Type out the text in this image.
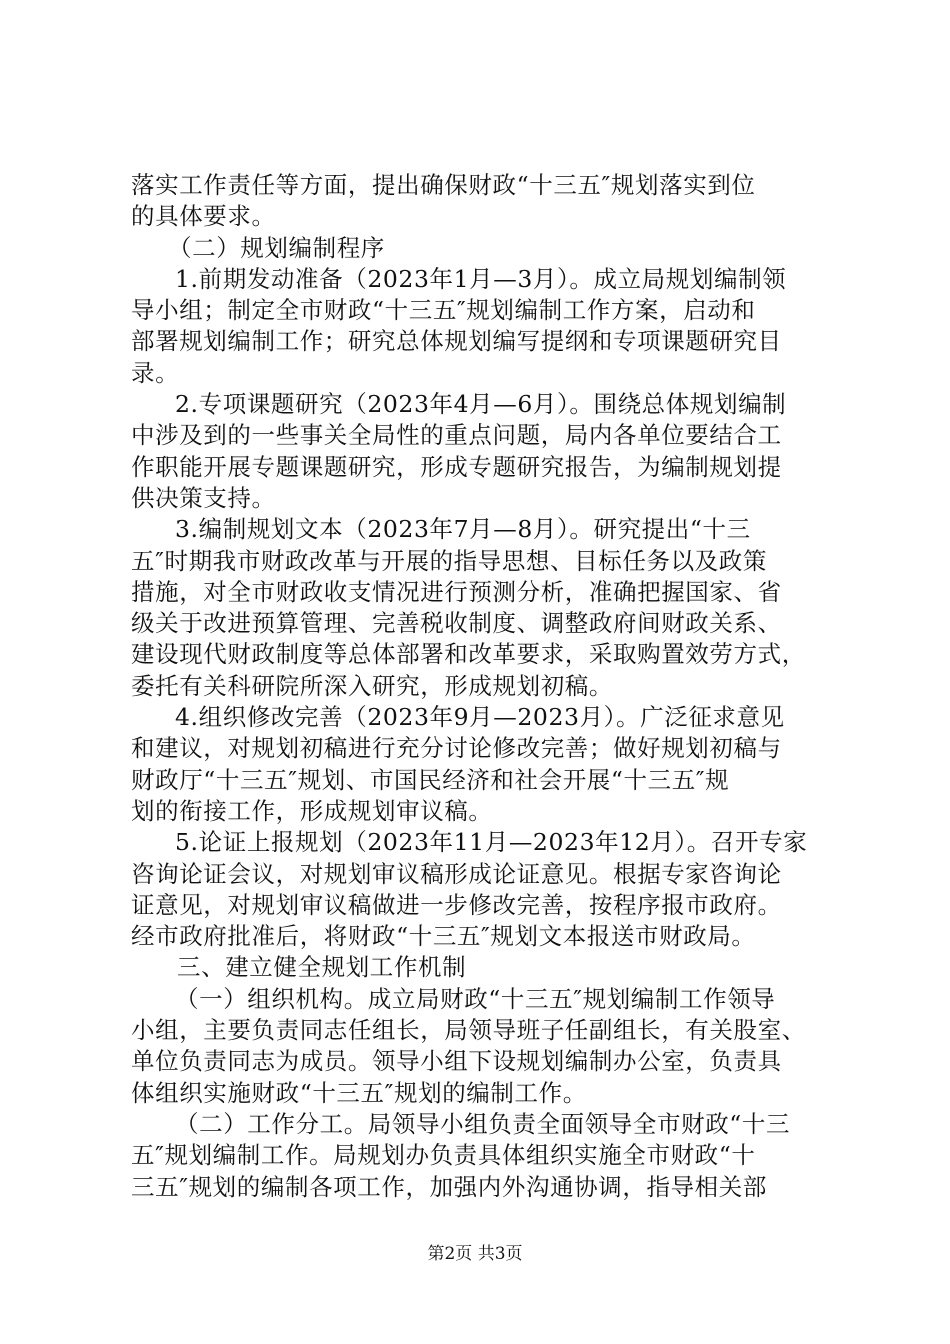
落实工作责任等方面，提出确保财政“十三五″规划落实到位
的具体要求。
（二）规划编制程序
1.前期发动准备（2023年1月—3月）。成立局规划编制领
导小组；制定全市财政“十三五″规划编制工作方案，启动和
部署规划编制工作；研究总体规划编写提纲和专项课题研究目
录。
2.专项课题研究（2023年4月—6月）。围绕总体规划编制
中涉及到的一些事关全局性的重点问题，局内各单位要结合工
作职能开展专题课题研究，形成专题研究报告，为编制规划提
供决策支持。
3.编制规划文本（2023年7月—8月）。研究提出“十三
五″时期我市财政改革与开展的指导思想、目标任务以及政策
措施，对全市财政收支情况进行预测分析，准确把握国家、省
级关于改进预算管理、完善税收制度、调整政府间财政关系、
建设现代财政制度等总体部署和改革要求，采取购置效劳方式，
委托有关科研院所深入研究，形成规划初稿。
4.组织修改完善（2023年9月—2023月）。广泛征求意见
和建议，对规划初稿进行充分讨论修改完善；做好规划初稿与
财政厅“十三五″规划、市国民经济和社会开展“十三五″规
划的衔接工作，形成规划审议稿。
5.论证上报规划（2023年11月—2023年12月）。召开专家
咨询论证会议，对规划审议稿形成论证意见。根据专家咨询论
证意见，对规划审议稿做进一步修改完善，按程序报市政府。
经市政府批准后，将财政“十三五″规划文本报送市财政局。
三、建立健全规划工作机制
（一）组织机构。成立局财政“十三五″规划编制工作领导
小组，主要负责同志任组长，局领导班子任副组长，有关股室、
单位负责同志为成员。领导小组下设规划编制办公室，负责具
体组织实施财政“十三五″规划的编制工作。
（二）工作分工。局领导小组负责全面领导全市财政“十三
五″规划编制工作。局规划办负责具体组织实施全市财政“十
三五″规划的编制各项工作，加强内外沟通协调，指导相关部
第2页 共3页
